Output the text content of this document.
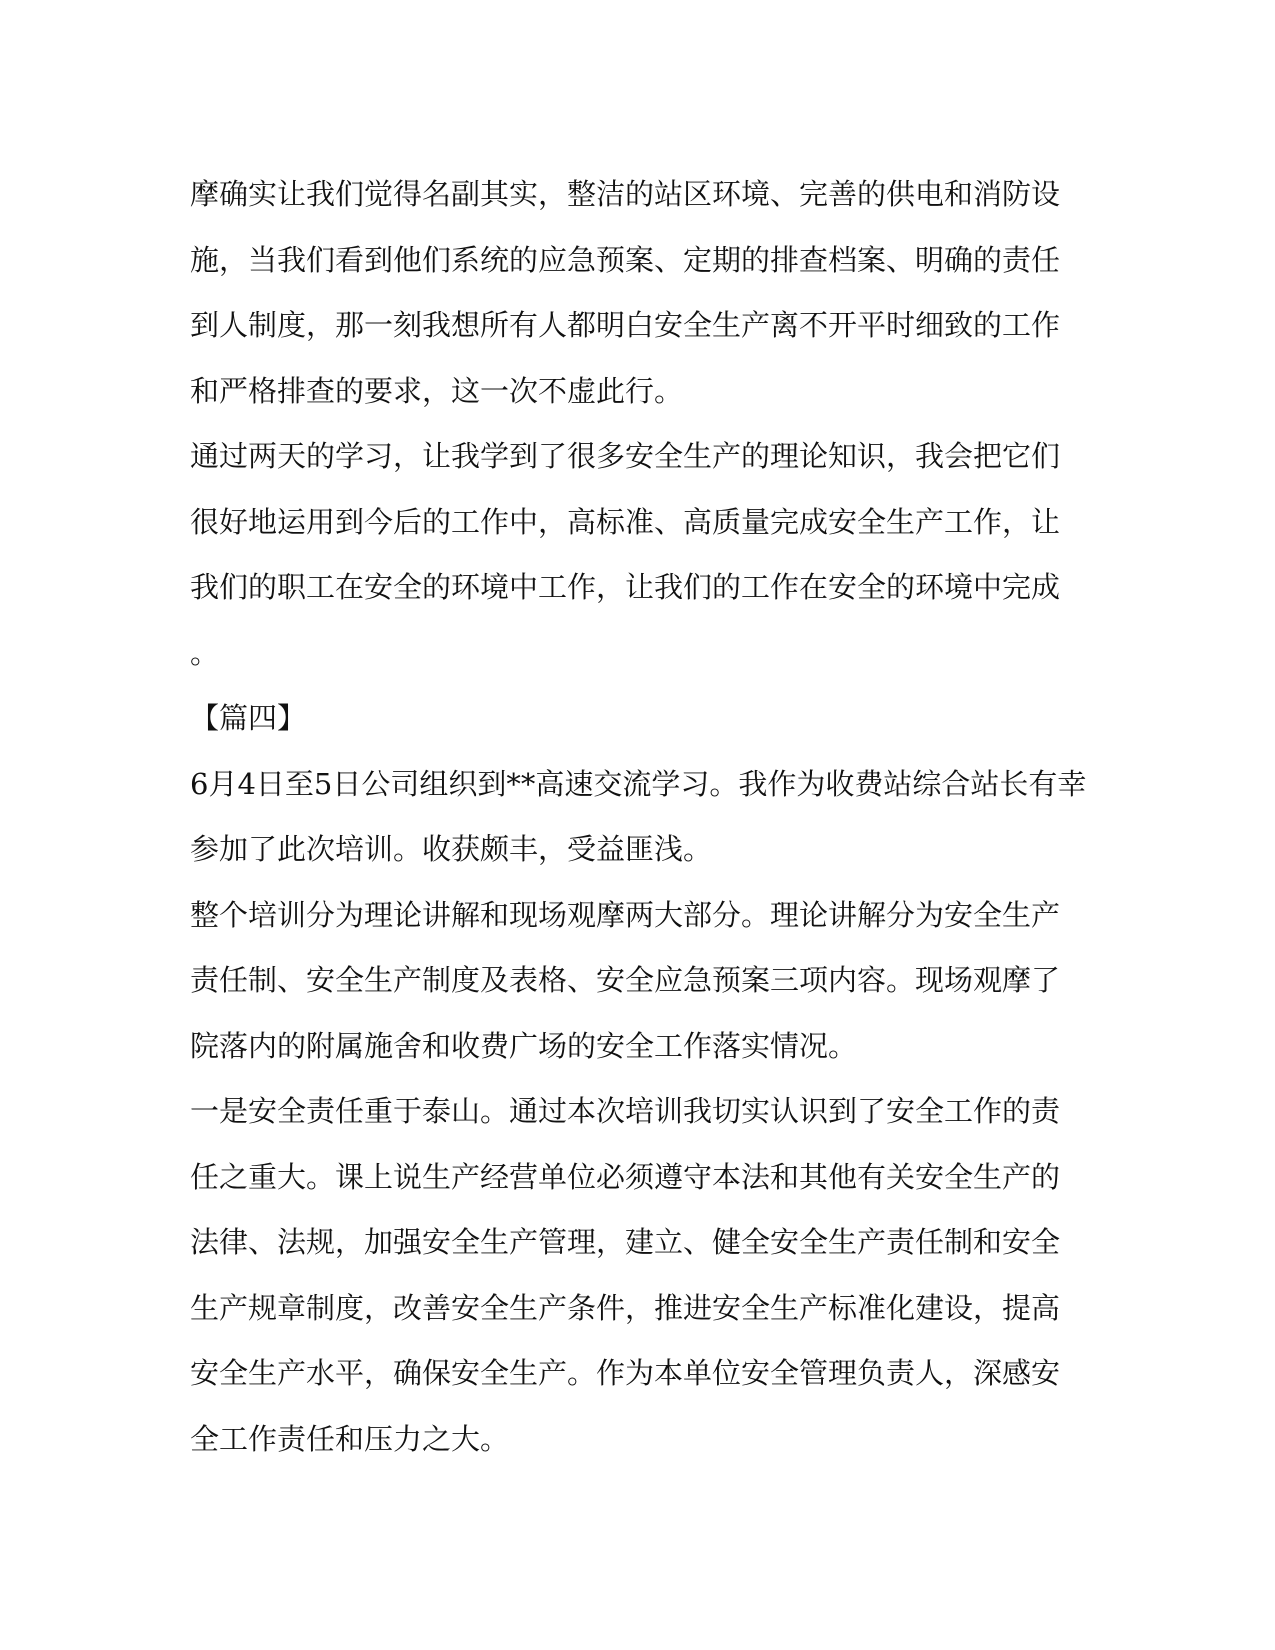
摩确实让我们觉得名副其实，整洁的站区环境、完善的供电和消防设
施，当我们看到他们系统的应急预案、定期的排查档案、明确的责任
到人制度，那一刻我想所有人都明白安全生产离不开平时细致的工作
和严格排查的要求，这一次不虚此行。
通过两天的学习，让我学到了很多安全生产的理论知识，我会把它们
很好地运用到今后的工作中，高标准、高质量完成安全生产工作，让
我们的职工在安全的环境中工作，让我们的工作在安全的环境中完成
。
【篇四】
6月4日至5日公司组织到**高速交流学习。我作为收费站综合站长有幸
参加了此次培训。收获颇丰，受益匪浅。
整个培训分为理论讲解和现场观摩两大部分。理论讲解分为安全生产
责任制、安全生产制度及表格、安全应急预案三项内容。现场观摩了
院落内的附属施舍和收费广场的安全工作落实情况。
一是安全责任重于泰山。通过本次培训我切实认识到了安全工作的责
任之重大。课上说生产经营单位必须遵守本法和其他有关安全生产的
法律、法规，加强安全生产管理，建立、健全安全生产责任制和安全
生产规章制度，改善安全生产条件，推进安全生产标准化建设，提高
安全生产水平，确保安全生产。作为本单位安全管理负责人，深感安
全工作责任和压力之大。
